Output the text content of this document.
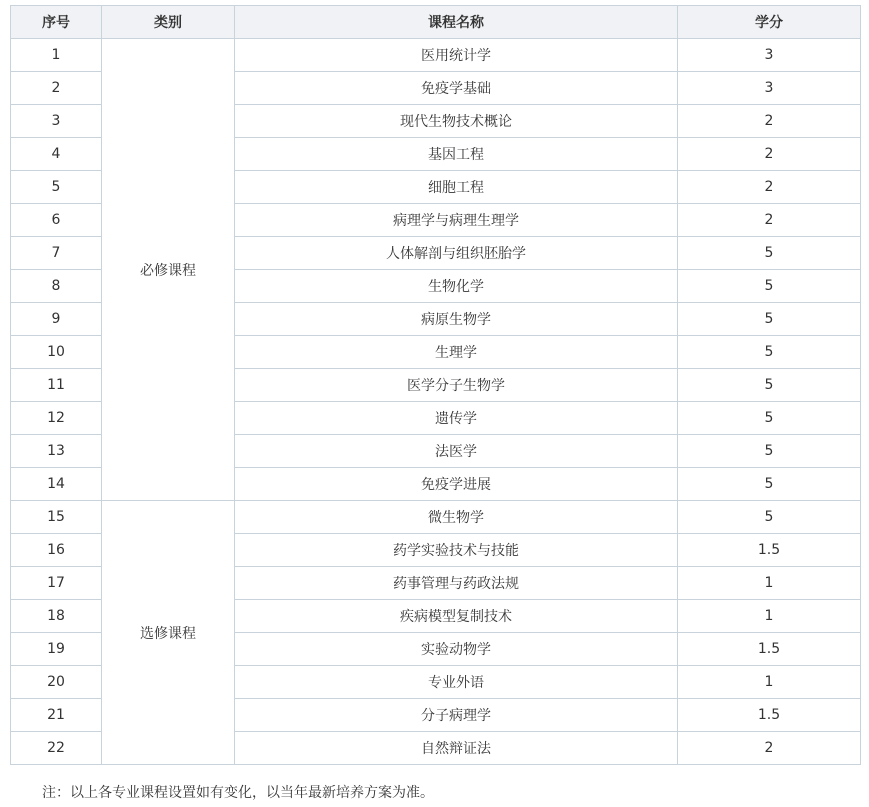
序号	类别	课程名称	学分
1	必修课程	医用统计学	3
2		免疫学基础	3
3		现代生物技术概论	2
4		基因工程	2
5		细胞工程	2
6		病理学与病理生理学	2
7		人体解剖与组织胚胎学	5
8		生物化学	5
9		病原生物学	5
10		生理学	5
11		医学分子生物学	5
12		遗传学	5
13		法医学	5
14		免疫学进展	5
15	选修课程	微生物学	5
16		药学实验技术与技能	1.5
17		药事管理与药政法规	1
18		疾病模型复制技术	1
19		实验动物学	1.5
20		专业外语	1
21		分子病理学	1.5
22		自然辩证法	2
注：以上各专业课程设置如有变化，以当年最新培养方案为准。
